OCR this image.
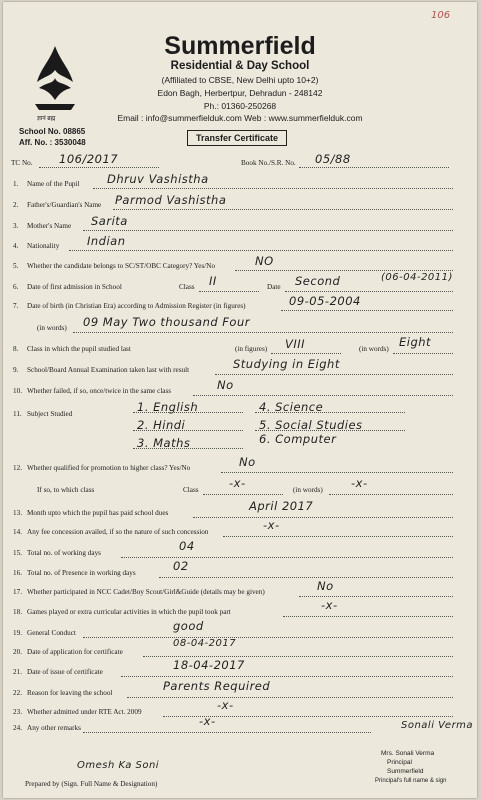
106
ज्ञानं ब्रह्म
Summerfield
Residential & Day School
(Affiliated to CBSE, New Delhi upto 10+2)
Edon Bagh, Herbertpur, Dehradun - 248142
Ph.: 01360-250268
Email : info@summerfielduk.com Web : www.summerfielduk.com
School No. 08865
Aff. No. : 3530048	Transfer Certificate
TC No. 106/2017	Book No./S.R. No. 05/88
1. Name of the Pupil Dhruv Vashistha
2. Father's/Guardian's Name Parmod Vashistha
3. Mother's Name Sarita
4. Nationality Indian
5. Whether the candidate belongs to SC/ST/OBC Category? Yes/No	NO
6. Date of first admission in School	Class II	Date Second	(06-04-2011)
7. Date of birth (in Christian Era) according to Admission Register (in figures)	09-05-2004
(in words) 09 May Two thousand Four
8. Class in which the pupil studied last	(in figures) VIII	(in words) Eight
9. School/Board Annual Examination taken last with result	Studying in Eight
10. Whether failed, if so, once/twice in the same class	No
11. Subject Studied	1. English
2. Hindi
3. Maths
4. Science
5. Social Studies
6. Computer
12. Whether qualified for promotion to higher class? Yes/No	No
If so, to which class	Class	-x-	(in words) -x-
13. Month upto which the pupil has paid school dues	April 2017
14. Any fee concession availed, if so the nature of such concession	-x-
15. Total no. of working days	04
16. Total no. of Presence in working days	02
17. Whether participated in NCC Cadet/Boy Scout/Girl&Guide (details may be given)	No
18. Games played or extra curricular activities in which the pupil took part	-x-
19. General Conduct	good
20. Date of application for certificate
08-04-2017
21. Date of issue of certificate	18-04-2017
22. Reason for leaving the school	Parents Required
23. Whether admitted under RTE Act. 2009	-x-
24. Any other remarks	-x-
Omesh Ka Soni
Prepared by (Sign. Full Name & Designation)
Sonali Verma
Mrs. Sonali Verma
Principal
Summerfield
Principal's full name & sign
